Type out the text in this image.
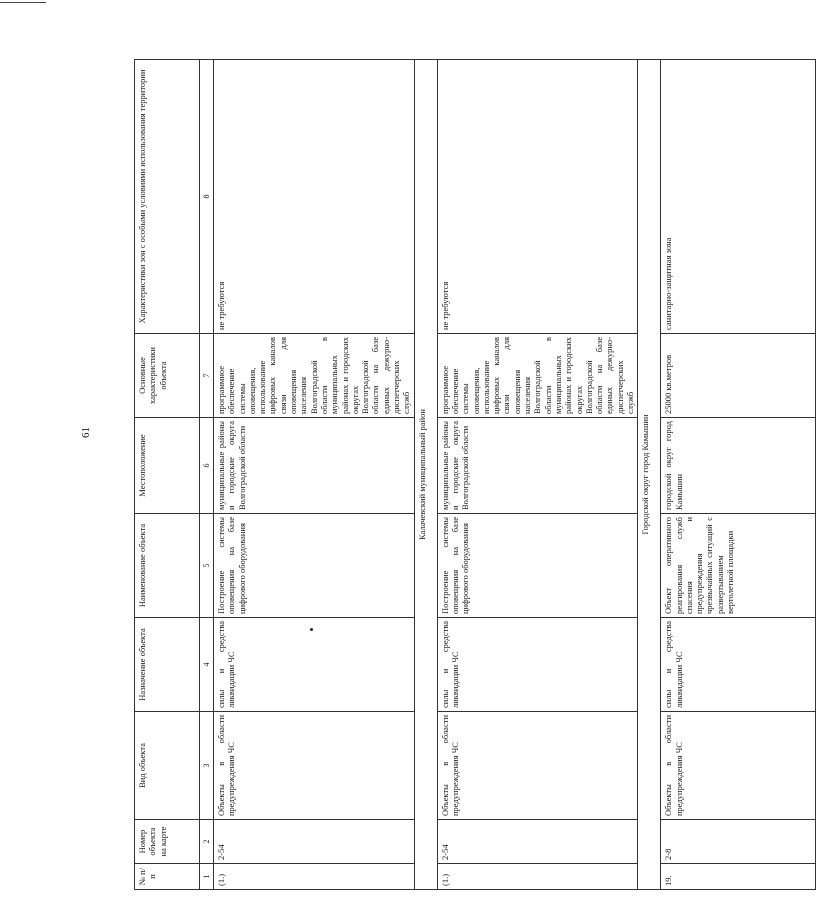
61
№ п/п	Номер объекта на карте	Вид объекта	Назначение объекта	Наименование объекта	Местоположение	Основные характеристики объекта	Характеристики зон с особыми условиями использования территории
1	2	3	4	5	6	7	8
(1.)	2-54	Объекты в области предупреждения ЧС	силы и средства ликвидации ЧС	Построение системы оповещения на базе цифрового оборудования	муниципальные районы и городские округа Волгоградской области	программное обеспечение системы оповещения, использование цифровых каналов связи для оповещения населения Волгоградской области в муниципальных районах и городских округах Волгоградской области на базе единых дежурно-диспетчерских служб	не требуются
Калачевский муниципальный район							
(1.)	2-54	Объекты в области предупреждения ЧС	силы и средства ликвидации ЧС	Построение системы оповещения на базе цифрового оборудования	муниципальные районы и городские округа Волгоградской области	программное обеспечение системы оповещения, использование цифровых каналов связи для оповещения населения Волгоградской области в муниципальных районах и городских округах Волгоградской области на базе единых дежурно-диспетчерских служб	не требуются
Городской округ город Камышин							
19.	2-8	Объекты в области предупреждения ЧС	силы и средства ликвидации ЧС	Объект оперативного реагирования служб спасения и предупреждения чрезвычайных ситуаций с развертыванием вертолетной площадки	городской округ город Камышин	25000 кв.метров	санитарно-защитная зона
